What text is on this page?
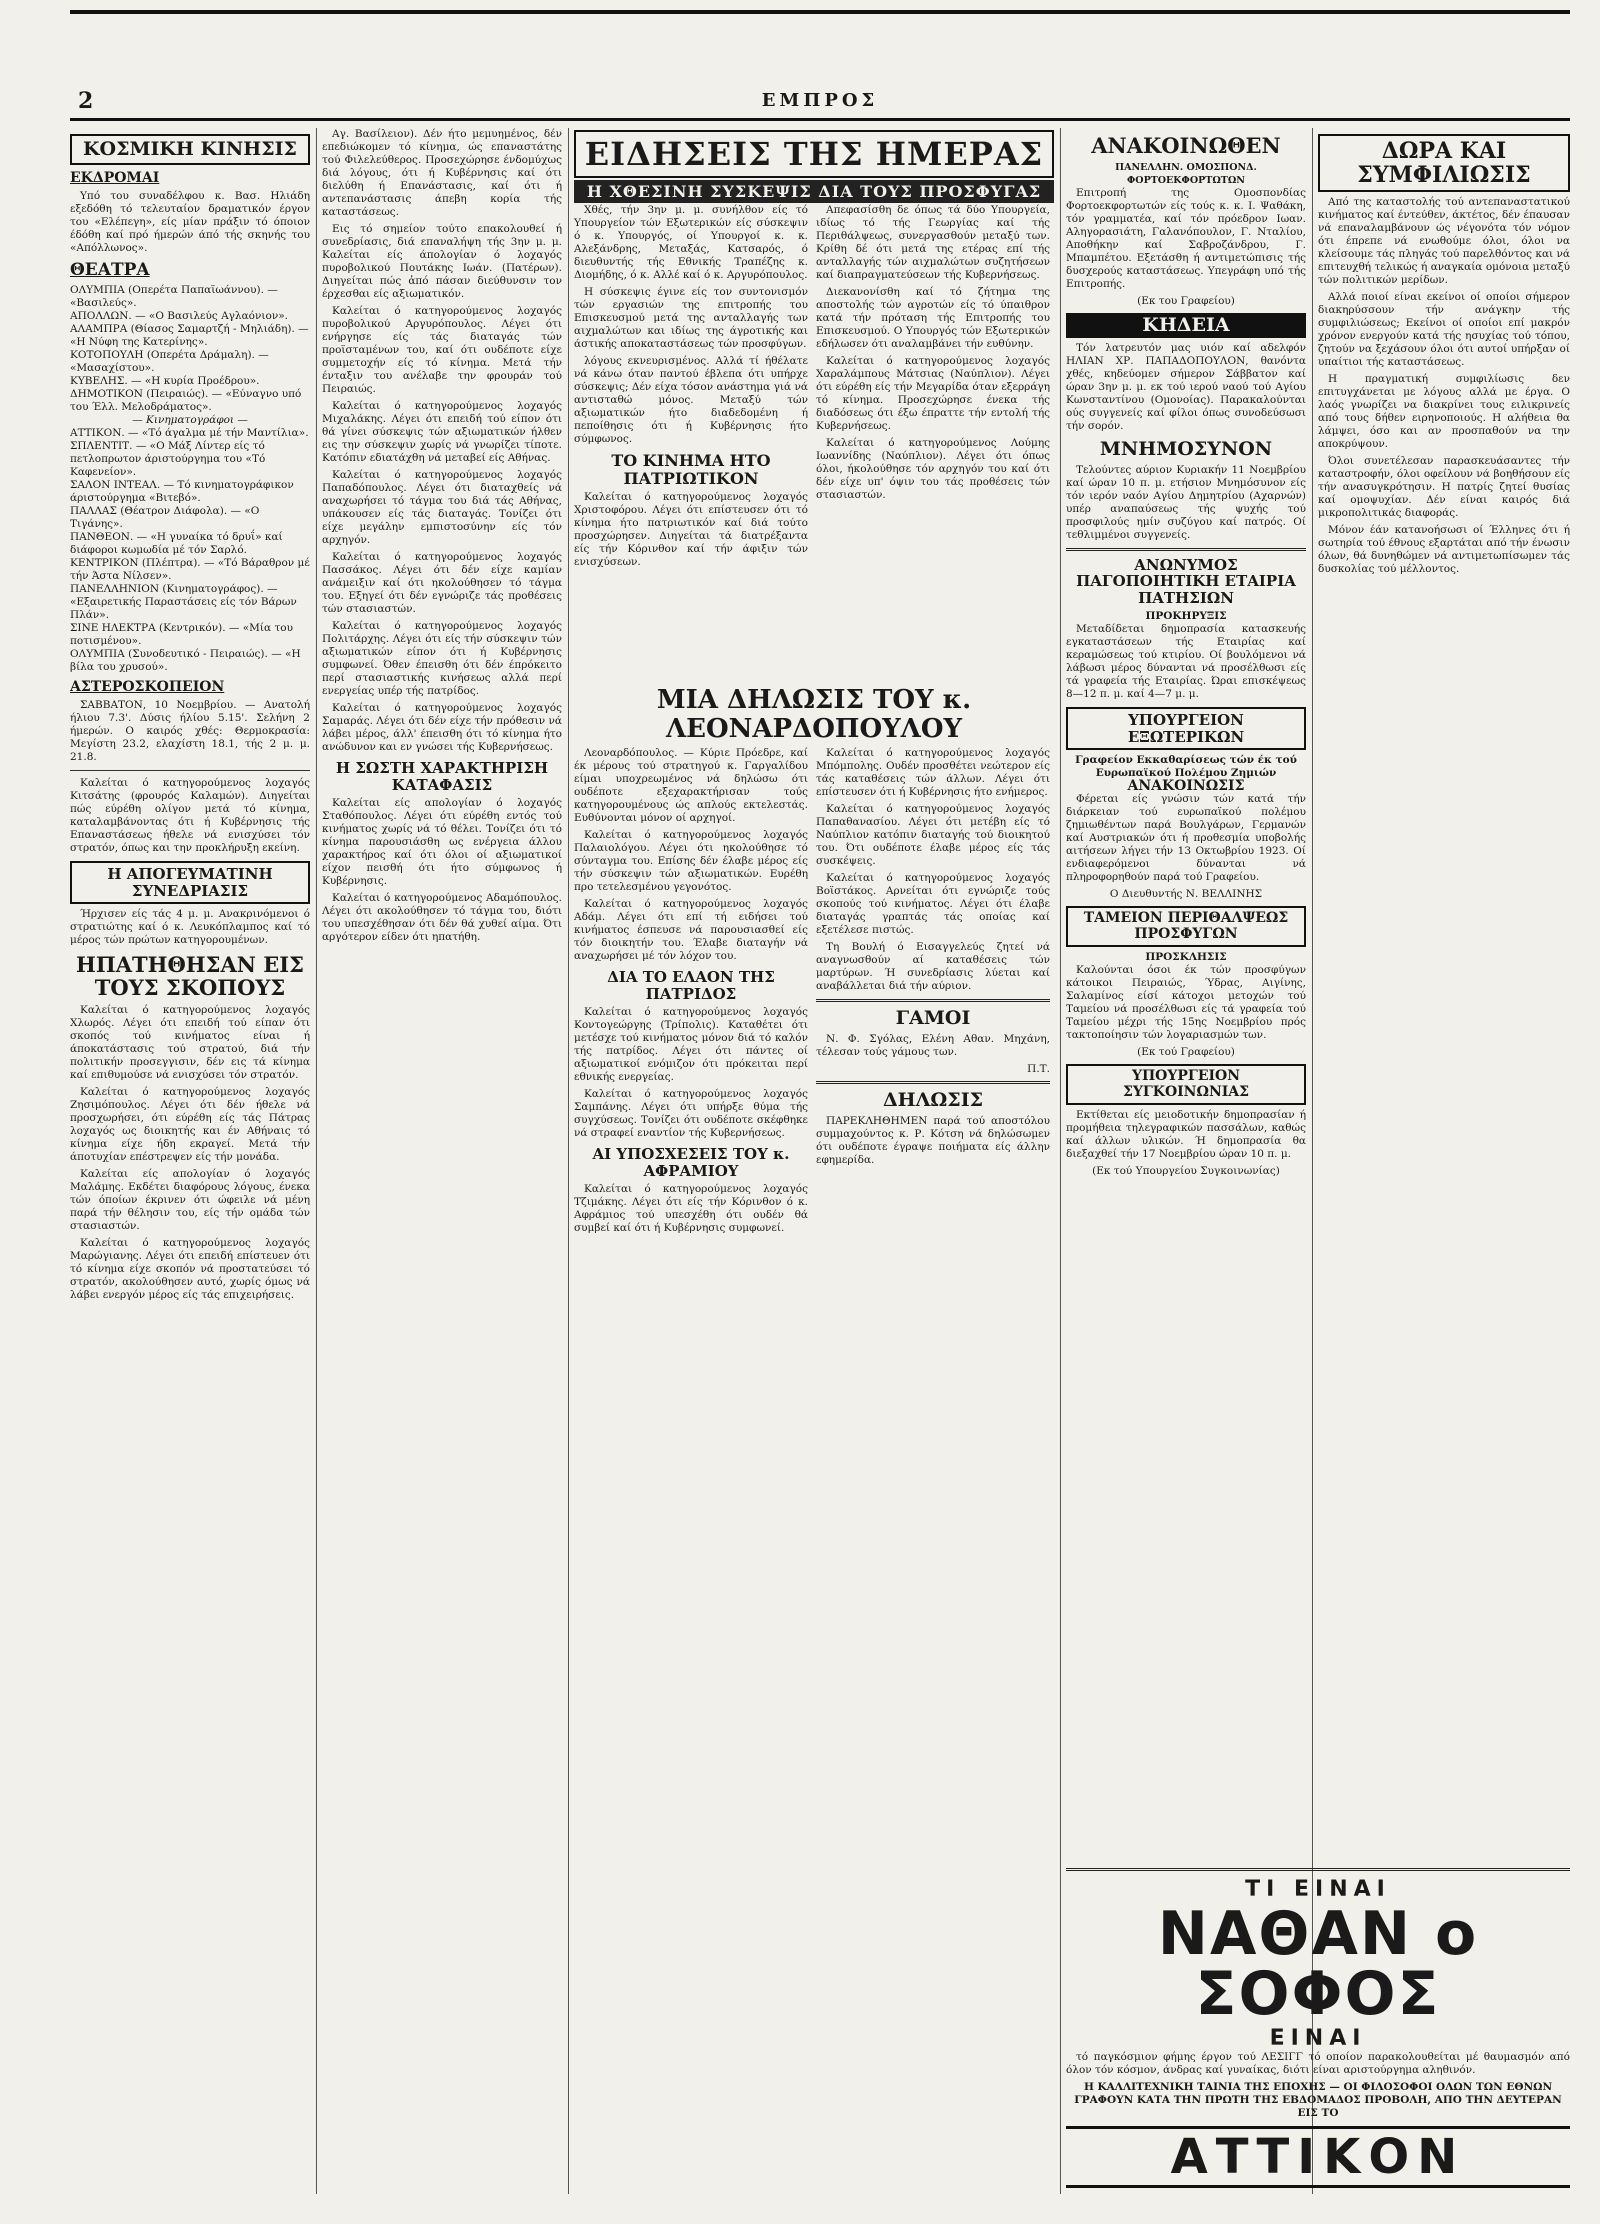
2	ΕΜΠΡΟΣ
ΚΟΣΜΙΚΗ ΚΙΝΗΣΙΣ
ΕΚΔΡΟΜΑΙ

Υπό του συναδέλφου κ. Βασ. Ηλιάδη εξεδόθη τό τελευταίον δραματικόν έργον του «Ελέπεγη», είς μίαν πράξιν τό όποιον έδόθη καί πρό ήμερών άπό τής σκηνής του «Απόλλωνος».

ΘΕΑΤΡΑ

ΟΛΥΜΠΙΑ (Οπερέτα Παπαϊωάννου). — «Βασιλεύς».

ΑΠΟΛΛΩΝ. — «Ο Βασιλεύς Αγλαόνιον».

ΑΛΑΜΠΡΑ (Θίασος Σαμαρτζή - Μηλιάδη). — «Η Νύφη της Κατερίνης».

ΚΟΤΟΠΟΥΛΗ (Οπερέτα Δράμαλη). — «Μασαχίστου».

ΚΥΒΕΛΗΣ. — «Η κυρία Προέδρου».

ΔΗΜΟΤΙΚΟΝ (Πειραιώς). — «Εύναγνο υπό του Έλλ. Μελοδράματος».

— Κινηματογράφοι —

ΑΤΤΙΚΟΝ. — «Τό άγαλμα μέ τήν Μαντίλια».

ΣΠΛΕΝΤΙΤ. — «Ο Μάξ Λίντερ είς τό πετλοπρωτον άριστούργημα του «Τό Καφενείον».

ΣΑΛΟΝ ΙΝΤΕΑΛ. — Τό κινηματογράφικον άριστούργημα «Βιτεβό».

ΠΑΛΛΑΣ (Θέατρον Διάφολα). — «Ο Τιγάνης».

ΠΑΝΘΕΟΝ. — «Η γυναίκα τό δρυΐ» καί διάφοροι κωμωδία μέ τόν Σαρλό.

ΚΕΝΤΡΙΚΟΝ (Πλέπτρα). — «Τό Βάραθρον μέ τήν Άστα Νίλσεν».

ΠΑΝΕΛΛΗΝΙΟΝ (Κινηματογράφος). — «Εξαιρετικής Παραστάσεις είς τόν Βάρων Πλάν».

ΣΙΝΕ ΗΛΕΚΤΡΑ (Κεντρικόν). — «Μία του ποτισμένου».

ΟΛΥΜΠΙΑ (Συνοδευτικό - Πειραιώς). — «Η βίλα του χρυσού».

ΑΣΤΕΡΟΣΚΟΠΕΙΟΝ

ΣΑΒΒΑΤΟΝ, 10 Νοεμβρίου. — Ανατολή ήλιου 7.3'. Δύσις ήλίου 5.15'. Σελήνη 2 ήμερών. Ο καιρός χθές: Θερμοκρασία: Μεγίστη 23.2, ελαχίστη 18.1, τής 2 μ. μ. 21.8.

Καλείται ό κατηγορούμενος λοχαγός Κιτσάτης (φρουρός Καλαμών). Διηγείται πώς εύρέθη ολίγον μετά τό κίνημα, καταλαμβάνοντας ότι ή Κυβέρνησις τής Επαναστάσεως ήθελε νά ενισχύσει τόν στρατόν, όπως και την προκλήρυξη εκείνη.

Η ΑΠΟΓΕΥΜΑΤΙΝΗ ΣΥΝΕΔΡΙΑΣΙΣ

Ήρχισεν είς τάς 4 μ. μ. Ανακρινόμενοι ό στρατιώτης καί ό κ. Λευκόπλαμπος καί τό μέρος τών πρώτων κατηγορουμένων.

ΗΠΑΤΗΘΗΣΑΝ ΕΙΣ ΤΟΥΣ ΣΚΟΠΟΥΣ

Καλείται ό κατηγορούμενος λοχαγός Χλωρός. Λέγει ότι επειδή τού είπαν ότι σκοπός τού κινήματος είναι ή άποκατάστασις τού στρατού, διά τήν πολιτικήν προσεγγισιν, δέν εις τά κίνημα καί επιθυμούσε νά ενισχύσει τόν στρατόν.

Καλείται ό κατηγορούμενος λοχαγός Ζησιμόπουλος. Λέγει ότι δέν ήθελε νά προσχωρήσει, ότι εύρέθη είς τάς Πάτρας λοχαγός ως διοικητής και έν Αθήναις τό κίνημα είχε ήδη εκραγεί. Μετά τήν άποτυχίαν επέστρεψεν είς τήν μονάδα.

Καλείται είς απολογίαν ό λοχαγός Μαλάμης. Εκδέτει διαφόρους λόγους, ένεκα τών όποίων έκρινεν ότι ώφειλε νά μένη παρά τήν θέλησιν του, είς τήν ομάδα τών στασιαστών.

Καλείται ό κατηγορούμενος λοχαγός Μαρώγιανης. Λέγει ότι επειδή επίστευεν ότι τό κίνημα είχε σκοπόν νά προστατεύσει τό στρατόν, ακολούθησεν αυτό, χωρίς όμως νά λάβει ενεργόν μέρος είς τάς επιχειρήσεις.

Αγ. Βασίλειον). Δέν ήτο μεμυημένος, δέν επεδιώκομεν τό κίνημα, ώς επαναστάτης τού Φιλελεύθερος. Προσεχώρησε ένδομύχως διά λόγους, ότι ή Κυβέρνησις καί ότι διελύθη ή Επανάστασις, καί ότι ή αντεπανάστασις άπεβη κορία τής καταστάσεως.

Εις τό σημείον τούτο επακολουθεί ή συνεδρίασις, διά επαναλήψη τής 3ην μ. μ. Καλείται είς άπολογίαν ό λοχαγός πυροβολικού Πουτάκης Ιωάν. (Πατέρων). Διηγείται πώς ἀπό πάσαν διεύθυνσιν τον έρχεσθαι είς αξιωματικόν.

Καλείται ό κατηγορούμενος λοχαγός πυροβολικού Αργυρόπουλος. Λέγει ότι ενήργησε είς τάς διαταγάς τών προϊσταμένων του, καί ότι ουδέποτε είχε συμμετοχήν είς τό κίνημα. Μετά τήν ένταξιν του ανέλαβε την φρουράν τού Πειραιώς.

Καλείται ό κατηγορούμενος λοχαγός Μιχαλάκης. Λέγει ότι επειδή τού είπον ότι θά γίνει σύσκεψις τών αξιωματικών ήλθεν εις την σύσκεψιν χωρίς νά γνωρίζει τίποτε. Κατόπιν εδιατάχθη νά μεταβεί είς Αθήνας.

Καλείται ό κατηγορούμενος λοχαγός Παπαδόπουλος. Λέγει ότι διαταχθείς νά αναχωρήσει τό τάγμα του διά τάς Αθήνας, υπάκουσεν είς τάς διαταγάς. Τονίζει ότι είχε μεγάλην εμπιστοσύνην είς τόν αρχηγόν.

Καλείται ό κατηγορούμενος λοχαγός Πασσάκος. Λέγει ότι δέν είχε καμίαν ανάμειξιν καί ότι ηκολούθησεν τό τάγμα του. Εξηγεί ότι δέν εγνώριζε τάς προθέσεις τών στασιαστών.

Καλείται ό κατηγορούμενος λοχαγός Πολιτάρχης. Λέγει ότι είς τήν σύσκεψιν τών αξιωματικών είπον ότι ή Κυβέρνησις συμφωνεί. Όθεν έπεισθη ότι δέν έπρόκειτο περί στασιαστικής κινήσεως αλλά περί ενεργείας υπέρ τής πατρίδος.

Καλείται ό κατηγορούμενος λοχαγός Σαμαράς. Λέγει ότι δέν είχε τήν πρόθεσιν νά λάβει μέρος, άλλ' έπεισθη ότι τό κίνημα ήτο ανώδυνον και εν γνώσει τής Κυβερνήσεως.

Η ΣΩΣΤΗ ΧΑΡΑΚΤΗΡΙΣΗ ΚΑΤΑΦΑΣΙΣ

Καλείται είς απολογίαν ό λοχαγός Σταθόπουλος. Λέγει ότι εύρέθη εντός τού κινήματος χωρίς νά τό θέλει. Τονίζει ότι τό κίνημα παρουσιάσθη ως ενέργεια άλλου χαρακτήρος καί ότι όλοι οί αξιωματικοί είχον πεισθή ότι ήτο σύμφωνος ή Κυβέρνησις.

Καλείται ό κατηγορούμενος Αδαμόπουλος. Λέγει ότι ακολούθησεν τό τάγμα του, διότι του υπεσχέθησαν ότι δέν θά χυθεί αίμα. Ότι αργότερον είδεν ότι ηπατήθη.

ΕΙΔΗΣΕΙΣ ΤΗΣ ΗΜΕΡΑΣ
Η ΧΘΕΣΙΝΗ ΣΥΣΚΕΨΙΣ ΔΙΑ ΤΟΥΣ ΠΡΟΣΦΥΓΑΣ

Χθές, τήν 3ην μ. μ. συνήλθον είς τό Υπουργείον τών Εξωτερικών είς σύσκεψιν ό κ. Υπουργός, οί Υπουργοί κ. κ. Αλεξάνδρης, Μεταξάς, Κατσαρός, ό διευθυντής τής Εθνικής Τραπέζης κ. Διομήδης, ό κ. Αλλέ καί ό κ. Αργυρόπουλος.

Η σύσκεψις έγινε είς τον συντονισμόν τών εργασιών της επιτροπής του Επισκευσμού μετά της ανταλλαγής των αιχμαλώτων και ιδίως της άγροτικής και άστικής αποκαταστάσεως τών προσφύγων.

λόγους εκνευρισμένος. Αλλά τί ήθέλατε νά κάνω όταν παντού έβλεπα ότι υπήρχε σύσκεψις; Δέν είχα τόσον ανάστημα γιά νά αντισταθώ μόνος. Μεταξύ τών αξιωματικών ήτο διαδεδομένη ή πεποίθησις ότι ή Κυβέρνησις ήτο σύμφωνος.

ΤΟ ΚΙΝΗΜΑ ΗΤΟ ΠΑΤΡΙΩΤΙΚΟΝ

Καλείται ό κατηγορούμενος λοχαγός Χριστοφόρου. Λέγει ότι επίστευσεν ότι τό κίνημα ήτο πατριωτικόν καί διά τούτο προσχώρησεν. Διηγείται τά διατρέξαντα είς τήν Κόρινθον καί τήν άφιξιν τών ενισχύσεων.

Απεφασίσθη δε όπως τά δύο Υπουργεία, ιδίως τό τής Γεωργίας καί τής Περιθάλψεως, συνεργασθούν μεταξύ των. Κρίθη δέ ότι μετά της ετέρας επί τής ανταλλαγής τών αιχμαλώτων συζητήσεων καί διαπραγματεύσεων τής Κυβερνήσεως.

Διεκανονίσθη καί τό ζήτημα της αποστολής τών αγροτών είς τό ύπαιθρον κατά τήν πρόταση τής Επιτροπής του Επισκευσμού. Ο Υπουργός τών Εξωτερικών εδήλωσεν ότι αναλαμβάνει τήν ευθύνην.

Καλείται ό κατηγορούμενος λοχαγός Χαραλάμπους Μάτσιας (Ναύπλιον). Λέγει ότι εύρέθη είς τήν Μεγαρίδα όταν εξερράγη τό κίνημα. Προσεχώρησε ένεκα τής διαδόσεως ότι έξω έπραττε τήν εντολή τής Κυβερνήσεως.

Καλείται ό κατηγορούμενος Λούμης Ιωαννίδης (Ναύπλιον). Λέγει ότι όπως όλοι, ήκολούθησε τόν αρχηγόν του καί ότι δέν είχε υπ' όψιν του τάς προθέσεις τών στασιαστών.

ΜΙΑ ΔΗΛΩΣΙΣ ΤΟΥ κ. ΛΕΟΝΑΡΔΟΠΟΥΛΟΥ

Λεοναρδόπουλος. — Κύριε Πρόεδρε, καί έκ μέρους τού στρατηγού κ. Γαργαλίδου είμαι υποχρεωμένος νά δηλώσω ότι ουδέποτε εξεχαρακτήρισαν τούς κατηγορουμένους ώς απλούς εκτελεστάς. Ευθύνονται μόνον οί αρχηγοί.

Καλείται ό κατηγορούμενος λοχαγός Παλαιολόγου. Λέγει ότι ηκολούθησε τό σύνταγμα του. Επίσης δέν έλαβε μέρος είς τήν σύσκεψιν τών αξιωματικών. Ευρέθη προ τετελεσμένου γεγονότος.

Καλείται ό κατηγορούμενος λοχαγός Αδάμ. Λέγει ότι επί τή ειδήσει τού κινήματος έσπευσε νά παρουσιασθεί είς τόν διοικητήν του. Έλαβε διαταγήν νά αναχωρήσει μέ τόν λόχον του.

ΔΙΑ ΤΟ ΕΛΑΟΝ ΤΗΣ ΠΑΤΡΙΔΟΣ

Καλείται ό κατηγορούμενος λοχαγός Κοντογεώργης (Τρίπολις). Καταθέτει ότι μετέσχε τού κινήματος μόνον διά τό καλόν τής πατρίδος. Λέγει ότι πάντες οί αξιωματικοί ενόμιζον ότι πρόκειται περί εθνικής ενεργείας.

Καλείται ό κατηγορούμενος λοχαγός Σαμπάνης. Λέγει ότι υπήρξε θύμα τής συγχύσεως. Τονίζει ότι ουδέποτε σκέφθηκε νά στραφεί εναντίον τής Κυβερνήσεως.

ΑΙ ΥΠΟΣΧΕΣΕΙΣ ΤΟΥ κ. ΑΦΡΑΜΙΟΥ

Καλείται ό κατηγορούμενος λοχαγός Τζιμάκης. Λέγει ότι είς τήν Κόρινθον ό κ. Αφράμιος τού υπεσχέθη ότι ουδέν θά συμβεί καί ότι ή Κυβέρνησις συμφωνεί.

Καλείται ό κατηγορούμενος λοχαγός Μπόμπολης. Ουδέν προσθέτει νεώτερον είς τάς καταθέσεις τών άλλων. Λέγει ότι επίστευσεν ότι ή Κυβέρνησις ήτο ενήμερος.

Καλείται ό κατηγορούμενος λοχαγός Παπαθανασίου. Λέγει ότι μετέβη είς τό Ναύπλιον κατόπιν διαταγής τού διοικητού του. Ότι ουδέποτε έλαβε μέρος είς τάς συσκέψεις.

Καλείται ό κατηγορούμενος λοχαγός Βοϊστάκος. Αρνείται ότι εγνώριζε τούς σκοπούς τού κινήματος. Λέγει ότι έλαβε διαταγάς γραπτάς τάς οποίας καί εξετέλεσε πιστώς.

Τη Βουλή ό Εισαγγελεύς ζητεί νά αναγνωσθούν αί καταθέσεις τών μαρτύρων. Ή συνεδρίασις λύεται καί αναβάλλεται διά τήν αύριον.

ΓΑΜΟΙ

Ν. Φ. Σγόλας, Ελένη Αθαν. Μηχάνη, τέλεσαν τούς γάμους των.

Π.Τ.

ΔΗΛΩΣΙΣ

ΠΑΡΕΚΛΗΘΗΜΕΝ παρά τού αποστόλου συμμαχούντος κ. Ρ. Κότση νά δηλώσωμεν ότι ουδέποτε έγραψε ποιήματα είς άλλην εφημερίδα.

ΑΝΑΚΟΙΝΩΘΕΝ

ΠΑΝΕΛΛΗΝ. ΟΜΟΣΠΟΝΔ. ΦΟΡΤΟΕΚΦΟΡΤΩΤΩΝ

Επιτροπή της Ομοσπονδίας Φορτοεκφορτωτών είς τούς κ. κ. Ι. Ψαθάκη, τόν γραμματέα, καί τόν πρόεδρον Ιωαν. Αληγορασιάτη, Γαλανόπουλον, Γ. Νταλίου, Αποθήκην καί Σαβροζάνδρου, Γ. Μπαμπέτου. Εξετάσθη ή αντιμετώπισις τής δυσχερούς καταστάσεως. Υπεγράφη υπό τής Επιτροπής.

(Εκ του Γραφείου)

ΚΗΔΕΙΑ

Τόν λατρευτόν μας υιόν καί αδελφόν ΗΛΙΑΝ ΧΡ. ΠΑΠΑΔΟΠΟΥΛΟΝ, θανόντα χθές, κηδεύομεν σήμερον Σάββατον καί ώραν 3ην μ. μ. εκ τού ιερού ναού τού Αγίου Κωνσταντίνου (Ομονοίας). Παρακαλούνται ούς συγγενείς καί φίλοι όπως συνοδεύσωσι τήν σορόν.

ΜΝΗΜΟΣΥΝΟΝ

Τελούντες αύριον Κυριακήν 11 Νοεμβρίου καί ώραν 10 π. μ. ετήσιον Μνημόσυνον είς τόν ιερόν ναόν Αγίου Δημητρίου (Αχαρνών) υπέρ αναπαύσεως τής ψυχής τού προσφιλούς ημίν συζύγου καί πατρός. Οί τεθλιμμένοι συγγενείς.

ΑΝΩΝΥΜΟΣ ΠΑΓΟΠΟΙΗΤΙΚΗ ΕΤΑΙΡΙΑ ΠΑΤΗΣΙΩΝ

ΠΡΟΚΗΡΥΞΙΣ

Μεταδίδεται δημοπρασία κατασκευής εγκαταστάσεων τής Εταιρίας καί κεραμώσεως τού κτιρίου. Οί βουλόμενοι νά λάβωσι μέρος δύνανται νά προσέλθωσι είς τά γραφεία τής Εταιρίας. Ώραι επισκέψεως 8—12 π. μ. καί 4—7 μ. μ.

ΥΠΟΥΡΓΕΙΟΝ ΕΞΩΤΕΡΙΚΩΝ

Γραφείον Εκκαθαρίσεως τών έκ τού Ευρωπαϊκού Πολέμου Ζημιών

ΑΝΑΚΟΙΝΩΣΙΣ

Φέρεται είς γνώσιν τών κατά τήν διάρκειαν τού ευρωπαϊκού πολέμου ζημιωθέντων παρά Βουλγάρων, Γερμανών καί Αυστριακών ότι ή προθεσμία υποβολής αιτήσεων λήγει τήν 13 Οκτωβρίου 1923. Οί ενδιαφερόμενοι δύνανται νά πληροφορηθούν παρά τού Γραφείου.

Ο Διευθυντής Ν. ΒΕΛΛΙΝΗΣ

ΤΑΜΕΙΟΝ ΠΕΡΙΘΑΛΨΕΩΣ ΠΡΟΣΦΥΓΩΝ

ΠΡΟΣΚΛΗΣΙΣ

Καλούνται όσοι έκ τών προσφύγων κάτοικοι Πειραιώς, Ύδρας, Αιγίνης, Σαλαμίνος είσί κάτοχοι μετοχών τού Ταμείου νά προσέλθωσι είς τά γραφεία τού Ταμείου μέχρι τής 15ης Νοεμβρίου πρός τακτοποίησιν τών λογαριασμών των.

(Εκ τού Γραφείου)

ΥΠΟΥΡΓΕΙΟΝ ΣΥΓΚΟΙΝΩΝΙΑΣ

Εκτίθεται είς μειοδοτικήν δημοπρασίαν ή προμήθεια τηλεγραφικών πασσάλων, καθώς καί άλλων υλικών. Ή δημοπρασία θα διεξαχθεί τήν 17 Νοεμβρίου ώραν 10 π. μ.

(Εκ τού Υπουργείου Συγκοινωνίας)

ΔΩΡΑ ΚΑΙ ΣΥΜΦΙΛΙΩΣΙΣ

Από της καταστολής τού αντεπαναστατικού κινήματος καί έντεύθεν, άκτέτος, δέν έπαυσαν νά επαναλαμβάνουν ώς νέγονότα τόν νόμον ότι έπρεπε νά ενωθούμε όλοι, όλοι να κλείσουμε τάς πληγάς τού παρελθόντος και νά επιτευχθή τελικώς ή αναγκαία ομόνοια μεταξύ τών πολιτικών μερίδων.

Αλλά ποιοί είναι εκείνοι οί οποίοι σήμερον διακηρύσσουν τήν ανάγκην τής συμφιλιώσεως; Εκείνοι οί οποίοι επί μακρόν χρόνον ενεργούν κατά τής ησυχίας τού τόπου, ζητούν να ξεχάσουν όλοι ότι αυτοί υπήρξαν οί υπαίτιοι τής καταστάσεως.

Η πραγματική συμφιλίωσις δεν επιτυγχάνεται με λόγους αλλά με έργα. Ο λαός γνωρίζει να διακρίνει τους ειλικρινείς από τους δήθεν ειρηνοποιούς. Η αλήθεια θα λάμψει, όσο και αν προσπαθούν να την αποκρύψουν.

Όλοι συνετέλεσαν παρασκευάσαντες τήν καταστροφήν, όλοι οφείλουν νά βοηθήσουν είς τήν ανασυγκρότησιν. Η πατρίς ζητεί θυσίας καί ομοψυχίαν. Δέν είναι καιρός διά μικροπολιτικάς διαφοράς.

Μόνον έάν κατανοήσωσι οί Έλληνες ότι ή σωτηρία τού έθνους εξαρτάται από τήν ένωσιν όλων, θά δυνηθώμεν νά αντιμετωπίσωμεν τάς δυσκολίας τού μέλλοντος.

ΤΙ ΕΙΝΑΙ
ΝΑΘΑΝ ο ΣΟΦΟΣ
ΕΙΝΑΙ

τό παγκόσμιον φήμης έργον τού ΛΕΣΙΓΓ τό οποίον παρακολουθείται μέ θαυμασμόν από όλον τόν κόσμον, άνδρας καί γυναίκας, διότι είναι αριστούργημα αληθινόν.

Η ΚΑΛΛΙΤΕΧΝΙΚΗ ΤΑΙΝΙΑ ΤΗΣ ΕΠΟΧΗΣ — ΟΙ ΦΙΛΟΣΟΦΟΙ ΟΛΩΝ ΤΩΝ ΕΘΝΩΝ ΓΡΑΦΟΥΝ ΚΑΤΑ ΤΗΝ ΠΡΩΤΗ ΤΗΣ ΕΒΔΟΜΑΔΟΣ ΠΡΟΒΟΛΗ, ΑΠΟ ΤΗΝ ΔΕΥΤΕΡΑΝ ΕΙΣ ΤΟ

ΑΤΤΙΚΟΝ
